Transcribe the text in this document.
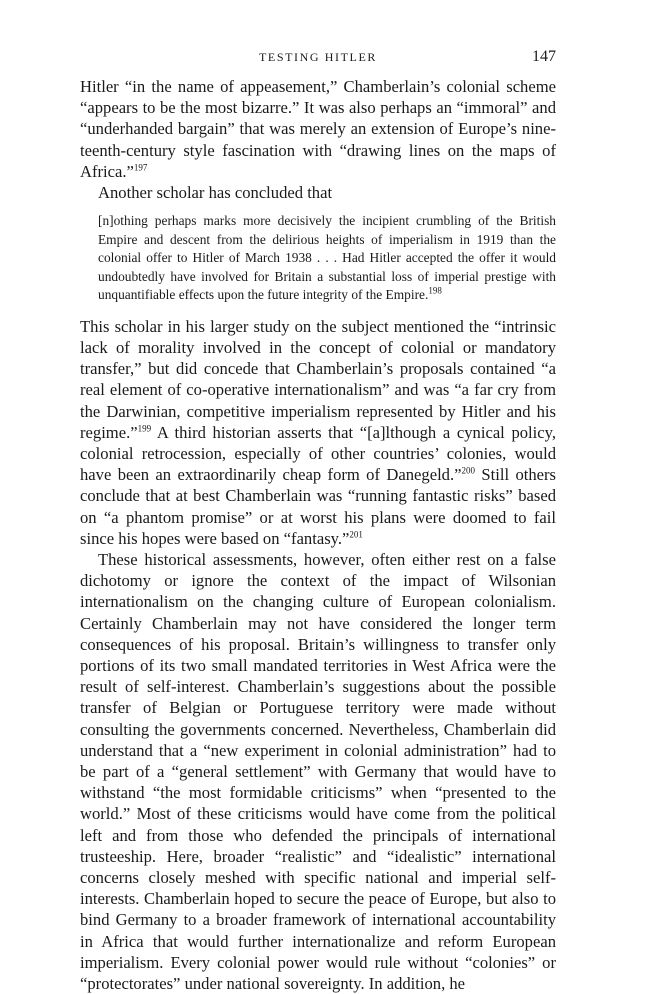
TESTING HITLER	147

Hitler “in the name of appeasement,” Chamberlain’s colonial scheme “appears to be the most bizarre.” It was also perhaps an “immoral” and “underhanded bargain” that was merely an extension of Europe’s nineteenth-century style fascination with “drawing lines on the maps of Africa.”$^{197}$

Another scholar has concluded that

[n]othing perhaps marks more decisively the incipient crumbling of the British Empire and descent from the delirious heights of imperialism in 1919 than the colonial offer to Hitler of March 1938 . . . Had Hitler accepted the offer it would undoubtedly have involved for Britain a substantial loss of imperial prestige with unquantifiable effects upon the future integrity of the Empire.$^{198}$

This scholar in his larger study on the subject mentioned the “intrinsic lack of morality involved in the concept of colonial or mandatory transfer,” but did concede that Chamberlain’s proposals contained “a real element of co-operative internationalism” and was “a far cry from the Darwinian, competitive imperialism represented by Hitler and his regime.”$^{199}$ A third historian asserts that “[a]lthough a cynical policy, colonial retrocession, especially of other countries’ colonies, would have been an extraordinarily cheap form of Danegeld.”$^{200}$ Still others conclude that at best Chamberlain was “running fantastic risks” based on “a phantom promise” or at worst his plans were doomed to fail since his hopes were based on “fantasy.”$^{201}$

These historical assessments, however, often either rest on a false dichotomy or ignore the context of the impact of Wilsonian internationalism on the changing culture of European colonialism. Certainly Chamberlain may not have considered the longer term consequences of his proposal. Britain’s willingness to transfer only portions of its two small mandated territories in West Africa were the result of self-interest. Chamberlain’s suggestions about the possible transfer of Belgian or Portuguese territory were made without consulting the governments concerned. Nevertheless, Chamberlain did understand that a “new experiment in colonial administration” had to be part of a “general settlement” with Germany that would have to withstand “the most formidable criticisms” when “presented to the world.” Most of these criticisms would have come from the political left and from those who defended the principals of international trusteeship. Here, broader “realistic” and “idealistic” international concerns closely meshed with specific national and imperial self-interests. Chamberlain hoped to secure the peace of Europe, but also to bind Germany to a broader framework of international accountability in Africa that would further internationalize and reform European imperialism. Every colonial power would rule without “colonies” or “protectorates” under national sovereignty. In addition, he
